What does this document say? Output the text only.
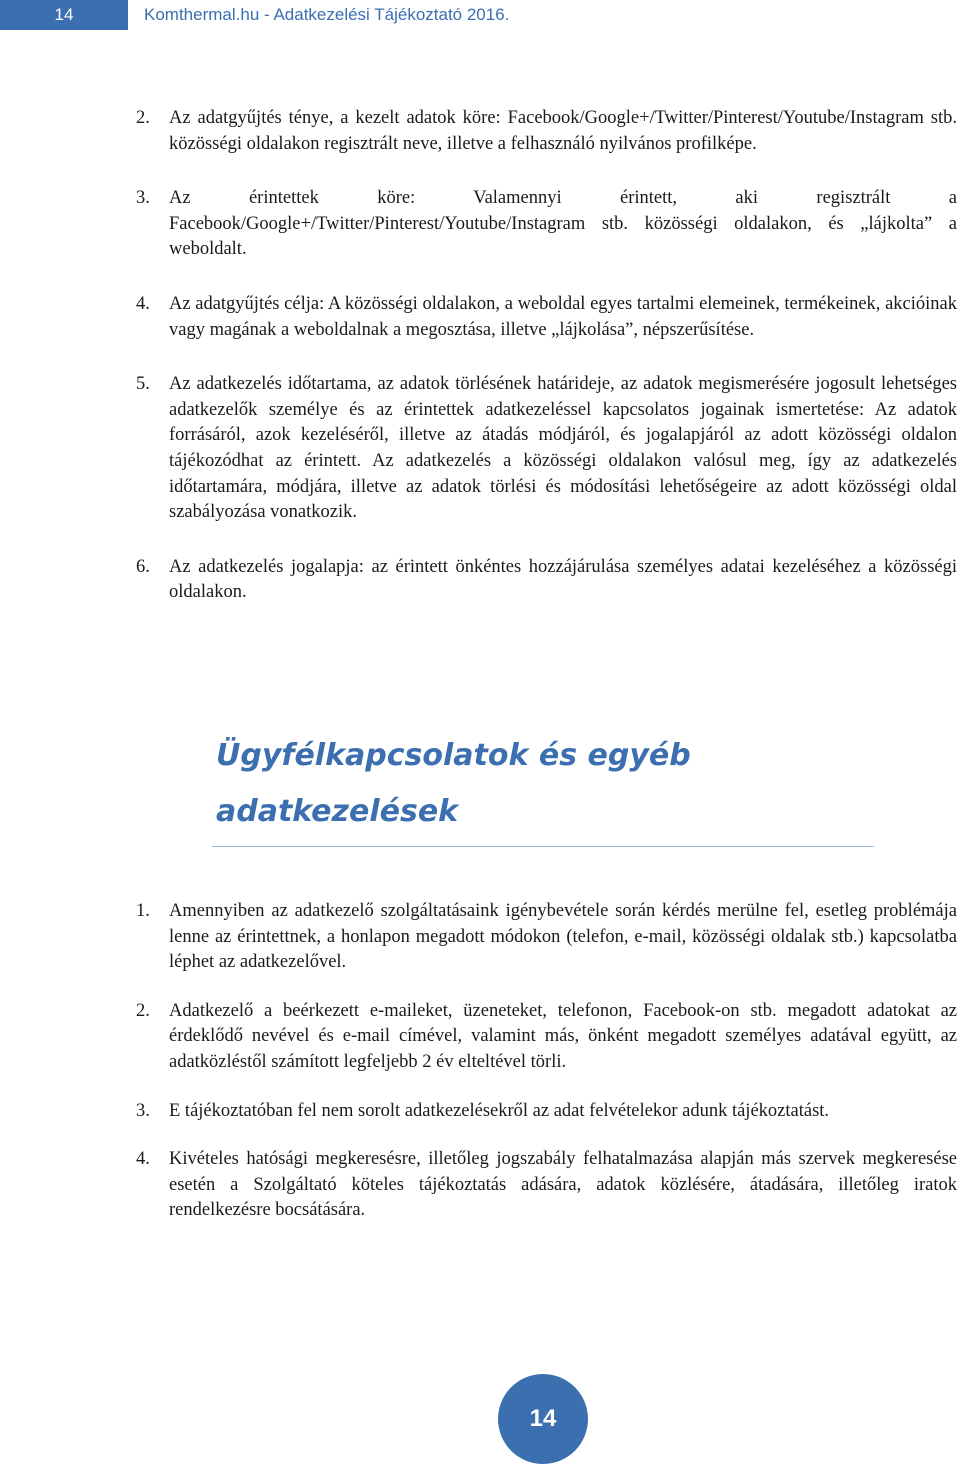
14	Komthermal.hu - Adatkezelési Tájékoztató 2016.
2. Az adatgyűjtés ténye, a kezelt adatok köre: Facebook/Google+/Twitter/Pinterest/Youtube/Instagram stb. közösségi oldalakon regisztrált neve, illetve a felhasználó nyilvános profilképe.
3. Az érintettek köre: Valamennyi érintett, aki regisztrált a Facebook/Google+/Twitter/Pinterest/Youtube/Instagram stb. közösségi oldalakon, és „lájkolta” a weboldalt.
4. Az adatgyűjtés célja: A közösségi oldalakon, a weboldal egyes tartalmi elemeinek, termékeinek, akcióinak vagy magának a weboldalnak a megosztása, illetve „lájkolása”, népszerűsítése.
5. Az adatkezelés időtartama, az adatok törlésének határideje, az adatok megismerésére jogosult lehetséges adatkezelők személye és az érintettek adatkezeléssel kapcsolatos jogainak ismertetése: Az adatok forrásáról, azok kezeléséről, illetve az átadás módjáról, és jogalapjáról az adott közösségi oldalon tájékozódhat az érintett. Az adatkezelés a közösségi oldalakon valósul meg, így az adatkezelés időtartamára, módjára, illetve az adatok törlési és módosítási lehetőségeire az adott közösségi oldal szabályozása vonatkozik.
6. Az adatkezelés jogalapja: az érintett önkéntes hozzájárulása személyes adatai kezeléséhez a közösségi oldalakon.
Ügyfélkapcsolatok és egyéb adatkezelések
1. Amennyiben az adatkezelő szolgáltatásaink igénybevétele során kérdés merülne fel, esetleg problémája lenne az érintettnek, a honlapon megadott módokon (telefon, e-mail, közösségi oldalak stb.) kapcsolatba léphet az adatkezelővel.
2. Adatkezelő a beérkezett e-maileket, üzeneteket, telefonon, Facebook-on stb. megadott adatokat az érdeklődő nevével és e-mail címével, valamint más, önként megadott személyes adatával együtt, az adatközléstől számított legfeljebb 2 év elteltével törli.
3. E tájékoztatóban fel nem sorolt adatkezelésekről az adat felvételekor adunk tájékoztatást.
4. Kivételes hatósági megkeresésre, illetőleg jogszabály felhatalmazása alapján más szervek megkeresése esetén a Szolgáltató köteles tájékoztatás adására, adatok közlésére, átadására, illetőleg iratok rendelkezésre bocsátására.
14
